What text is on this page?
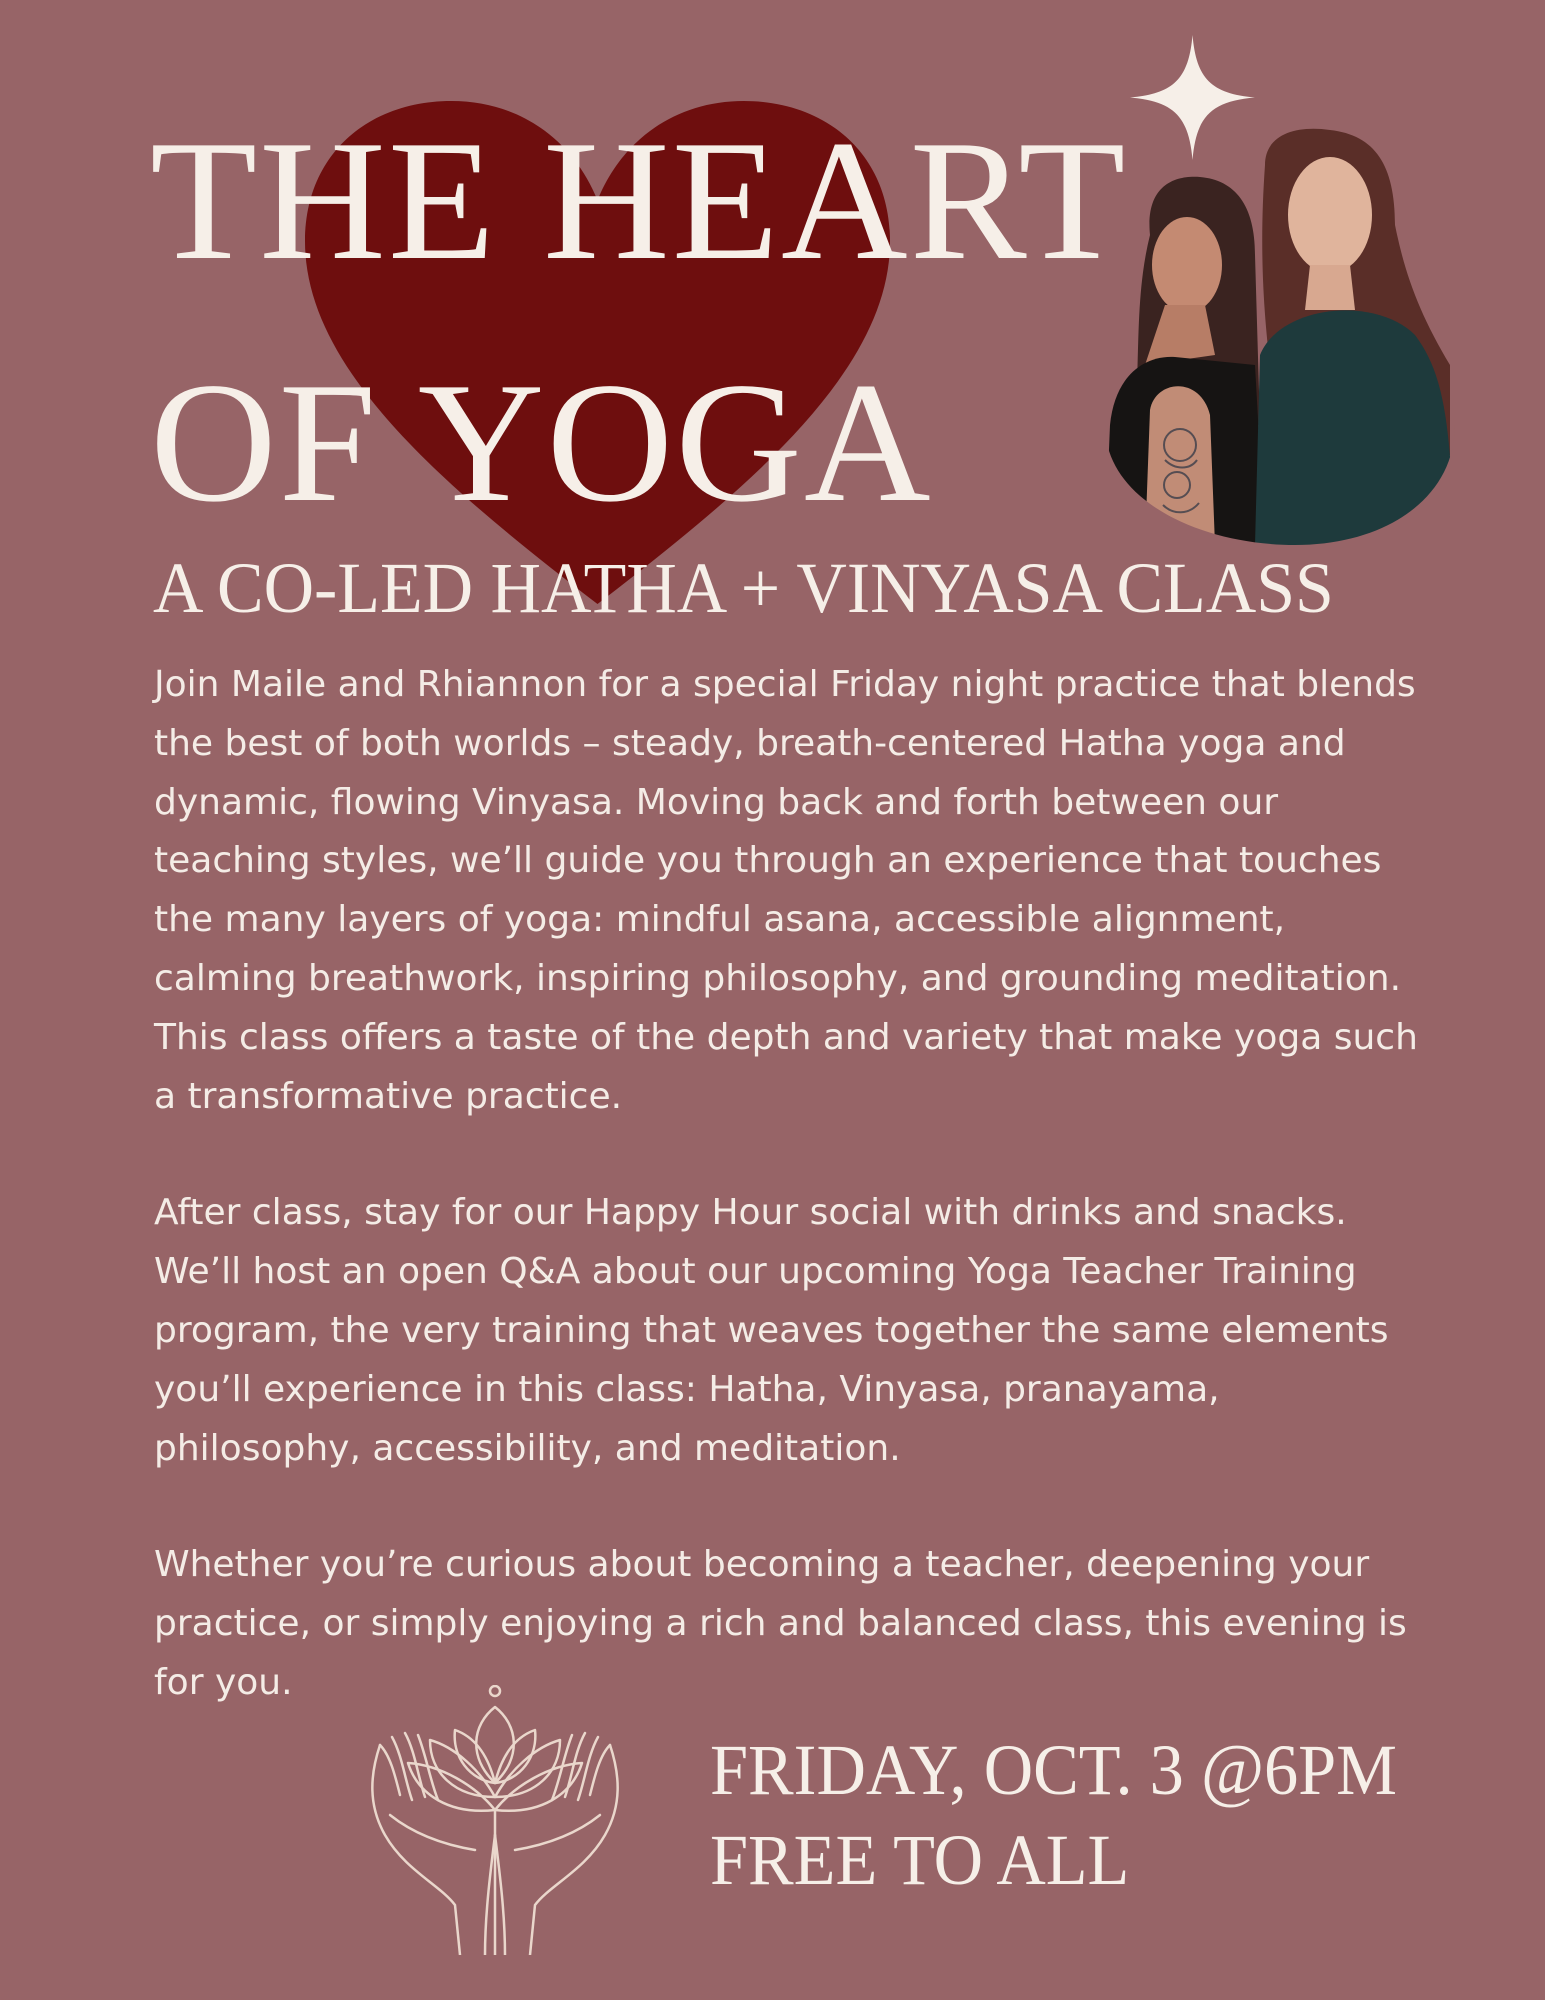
THE HEART
OF YOGA
A CO-LED HATHA + VINYASA CLASS

Join Maile and Rhiannon for a special Friday night practice that blends the best of both worlds – steady, breath-centered Hatha yoga and dynamic, flowing Vinyasa. Moving back and forth between our teaching styles, we’ll guide you through an experience that touches the many layers of yoga: mindful asana, accessible alignment, calming breathwork, inspiring philosophy, and grounding meditation. This class offers a taste of the depth and variety that make yoga such a transformative practice.

After class, stay for our Happy Hour social with drinks and snacks. We’ll host an open Q&A about our upcoming Yoga Teacher Training program, the very training that weaves together the same elements you’ll experience in this class: Hatha, Vinyasa, pranayama, philosophy, accessibility, and meditation.

Whether you’re curious about becoming a teacher, deepening your practice, or simply enjoying a rich and balanced class, this evening is for you.

FRIDAY, OCT. 3 @6PM
FREE TO ALL
